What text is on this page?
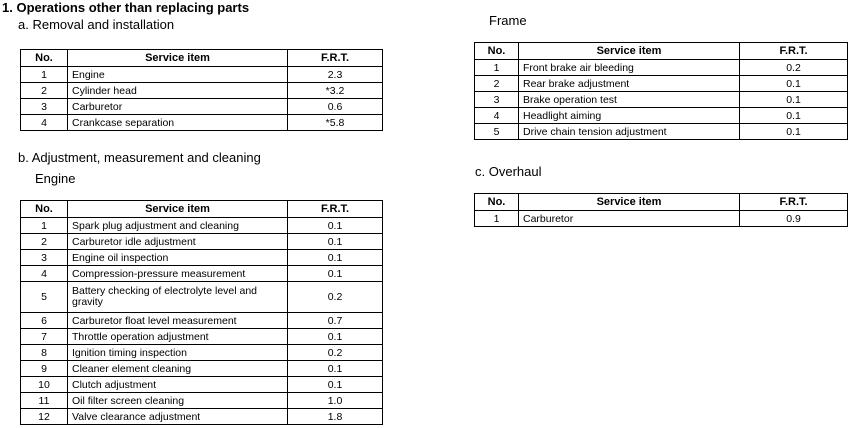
1. Operations other than replacing parts
a. Removal and installation
No.	Service item	F.R.T.
1	Engine	2.3
2	Cylinder head	*3.2
3	Carburetor	0.6
4	Crankcase separation	*5.8
b. Adjustment, measurement and cleaning
Engine
No.	Service item	F.R.T.
1	Spark plug adjustment and cleaning	0.1
2	Carburetor idle adjustment	0.1
3	Engine oil inspection	0.1
4	Compression-pressure measurement	0.1
5	Battery checking of electrolyte level and gravity	0.2
6	Carburetor float level measurement	0.7
7	Throttle operation adjustment	0.1
8	Ignition timing inspection	0.2
9	Cleaner element cleaning	0.1
10	Clutch adjustment	0.1
11	Oil filter screen cleaning	1.0
12	Valve clearance adjustment	1.8
Frame
No.	Service item	F.R.T.
1	Front brake air bleeding	0.2
2	Rear brake adjustment	0.1
3	Brake operation test	0.1
4	Headlight aiming	0.1
5	Drive chain tension adjustment	0.1
c. Overhaul
No.	Service item	F.R.T.
1	Carburetor	0.9
